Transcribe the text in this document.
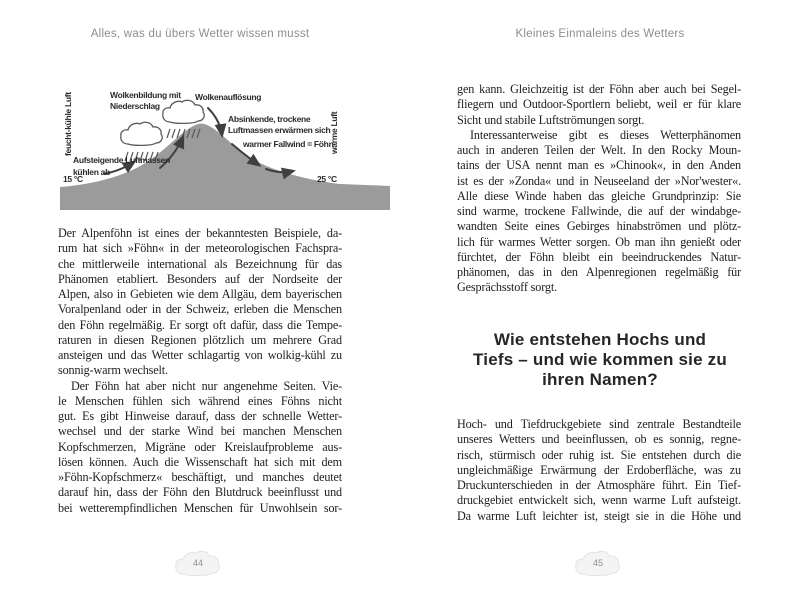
Alles, was du übers Wetter wissen musst	Kleines Einmaleins des Wetters
Wolkenbildung mit
Niederschlag
Wolkenauflösung
Absinkende, trockene
Luftmassen erwärmen sich
warmer Fallwind = Föhn
Aufsteigende Luftmassen
kühlen ab
15 °C	25 °C
feucht-kühle Luft	warme Luft
Der Alpenföhn ist eines der bekanntesten Beispiele, da-
rum hat sich »Föhn« in der meteorologischen Fachspra-
che mittlerweile international als Bezeichnung für das
Phänomen etabliert. Besonders auf der Nordseite der
Alpen, also in Gebieten wie dem Allgäu, dem bayerischen
Voralpenland oder in der Schweiz, erleben die Menschen
den Föhn regelmäßig. Er sorgt oft dafür, dass die Tempe-
raturen in diesen Regionen plötzlich um mehrere Grad
ansteigen und das Wetter schlagartig von wolkig-kühl zu
sonnig-warm wechselt.
Der Föhn hat aber nicht nur angenehme Seiten. Vie-
le Menschen fühlen sich während eines Föhns nicht
gut. Es gibt Hinweise darauf, dass der schnelle Wetter-
wechsel und der starke Wind bei manchen Menschen
Kopfschmerzen, Migräne oder Kreislaufprobleme aus-
lösen können. Auch die Wissenschaft hat sich mit dem
»Föhn-Kopfschmerz« beschäftigt, und manches deutet
darauf hin, dass der Föhn den Blutdruck beeinflusst und
bei wetterempfindlichen Menschen für Unwohlsein sor-
gen kann. Gleichzeitig ist der Föhn aber auch bei Segel-
fliegern und Outdoor-Sportlern beliebt, weil er für klare
Sicht und stabile Luftströmungen sorgt.
Interessanterweise gibt es dieses Wetterphänomen
auch in anderen Teilen der Welt. In den Rocky Moun-
tains der USA nennt man es »Chinook«, in den Anden
ist es der »Zonda« und in Neuseeland der »Nor'wester«.
Alle diese Winde haben das gleiche Grundprinzip: Sie
sind warme, trockene Fallwinde, die auf der windabge-
wandten Seite eines Gebirges hinabströmen und plötz-
lich für warmes Wetter sorgen. Ob man ihn genießt oder
fürchtet, der Föhn bleibt ein beeindruckendes Natur-
phänomen, das in den Alpenregionen regelmäßig für
Gesprächsstoff sorgt.
Wie entstehen Hochs und
Tiefs – und wie kommen sie zu
ihren Namen?
Hoch- und Tiefdruckgebiete sind zentrale Bestandteile
unseres Wetters und beeinflussen, ob es sonnig, regne-
risch, stürmisch oder ruhig ist. Sie entstehen durch die
ungleichmäßige Erwärmung der Erdoberfläche, was zu
Druckunterschieden in der Atmosphäre führt. Ein Tief-
druckgebiet entwickelt sich, wenn warme Luft aufsteigt.
Da warme Luft leichter ist, steigt sie in die Höhe und
44	45
